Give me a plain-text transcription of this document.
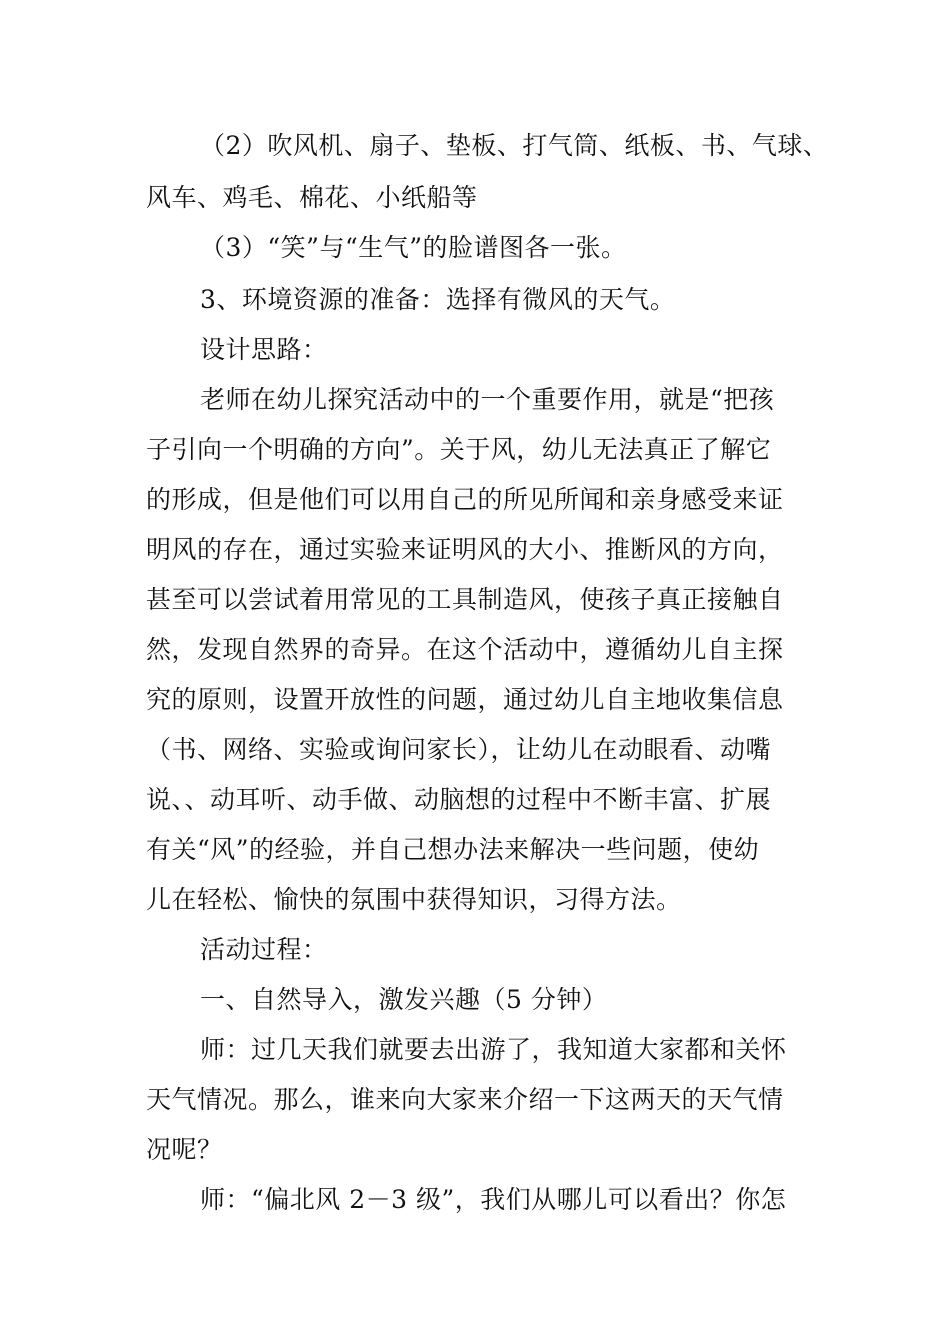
（2）吹风机、扇子、垫板、打气筒、纸板、书、气球、
风车、鸡毛、棉花、小纸船等
（3）“笑”与“生气”的脸谱图各一张。
3、环境资源的准备：选择有微风的天气。
设计思路：
老师在幼儿探究活动中的一个重要作用，就是“把孩
子引向一个明确的方向”。关于风，幼儿无法真正了解它
的形成，但是他们可以用自己的所见所闻和亲身感受来证
明风的存在，通过实验来证明风的大小、推断风的方向，
甚至可以尝试着用常见的工具制造风，使孩子真正接触自
然，发现自然界的奇异。在这个活动中，遵循幼儿自主探
究的原则，设置开放性的问题，通过幼儿自主地收集信息
（书、网络、实验或询问家长），让幼儿在动眼看、动嘴
说、、动耳听、动手做、动脑想的过程中不断丰富、扩展
有关“风”的经验，并自己想办法来解决一些问题，使幼
儿在轻松、愉快的氛围中获得知识，习得方法。
活动过程：
一、自然导入，激发兴趣（5 分钟）
师：过几天我们就要去出游了，我知道大家都和关怀
天气情况。那么，谁来向大家来介绍一下这两天的天气情
况呢？
师：“偏北风 2－3 级”，我们从哪儿可以看出？你怎
